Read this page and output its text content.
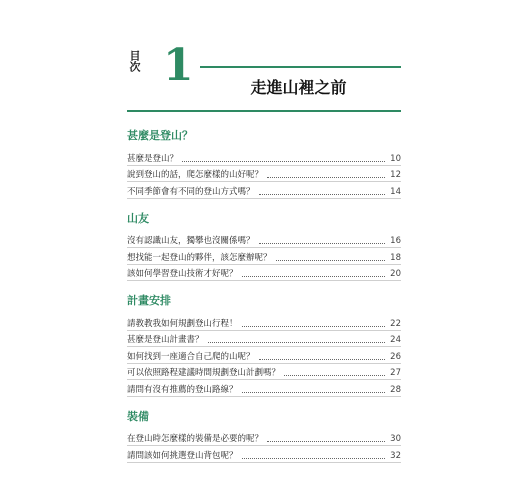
目次 1	走進山裡之前
甚麼是登山？
甚麼是登山？	10
說到登山的話，爬怎麼樣的山好呢？	12
不同季節會有不同的登山方式嗎？	14
山友
沒有認識山友，獨攀也沒關係嗎？	16
想找能一起登山的夥伴，該怎麼辦呢？	18
該如何學習登山技術才好呢？	20
計畫安排
請教教我如何規劃登山行程！	22
甚麼是登山計畫書？	24
如何找到一座適合自己爬的山呢？	26
可以依照路程建議時間規劃登山計劃嗎？	27
請問有沒有推薦的登山路線？	28
裝備
在登山時怎麼樣的裝備是必要的呢？	30
請問該如何挑選登山背包呢？	32
